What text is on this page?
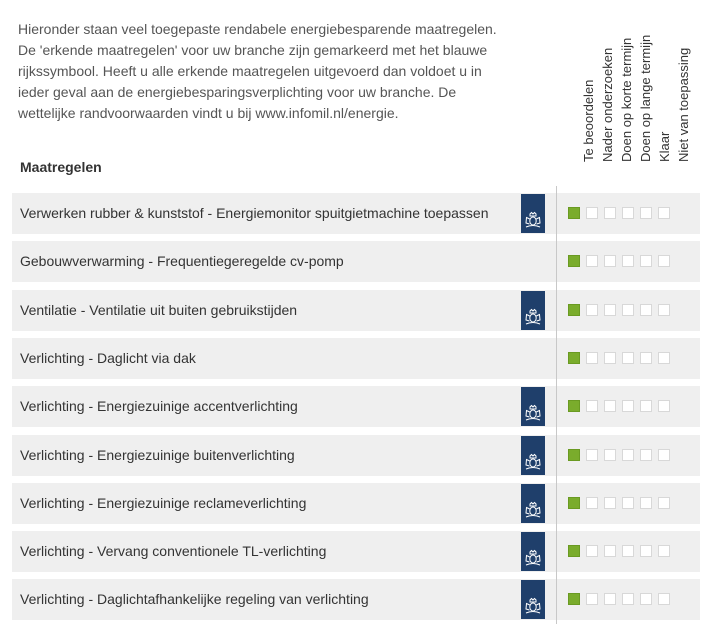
Hieronder staan veel toegepaste rendabele energiebesparende maatregelen.
De 'erkende maatregelen' voor uw branche zijn gemarkeerd met het blauwe
rijkssymbool. Heeft u alle erkende maatregelen uitgevoerd dan voldoet u in
ieder geval aan de energiebesparingsverplichting voor uw branche. De
wettelijke randvoorwaarden vindt u bij www.infomil.nl/energie.	Te beoordelen Nader onderzoeken Doen op korte termijn Doen op lange termijn Klaar Niet van toepassing
Maatregelen
Verwerken rubber & kunststof - Energiemonitor spuitgietmachine toepassen
Gebouwverwarming - Frequentiegeregelde cv-pomp
Ventilatie - Ventilatie uit buiten gebruikstijden
Verlichting - Daglicht via dak
Verlichting - Energiezuinige accentverlichting
Verlichting - Energiezuinige buitenverlichting
Verlichting - Energiezuinige reclameverlichting
Verlichting - Vervang conventionele TL-verlichting
Verlichting - Daglichtafhankelijke regeling van verlichting
